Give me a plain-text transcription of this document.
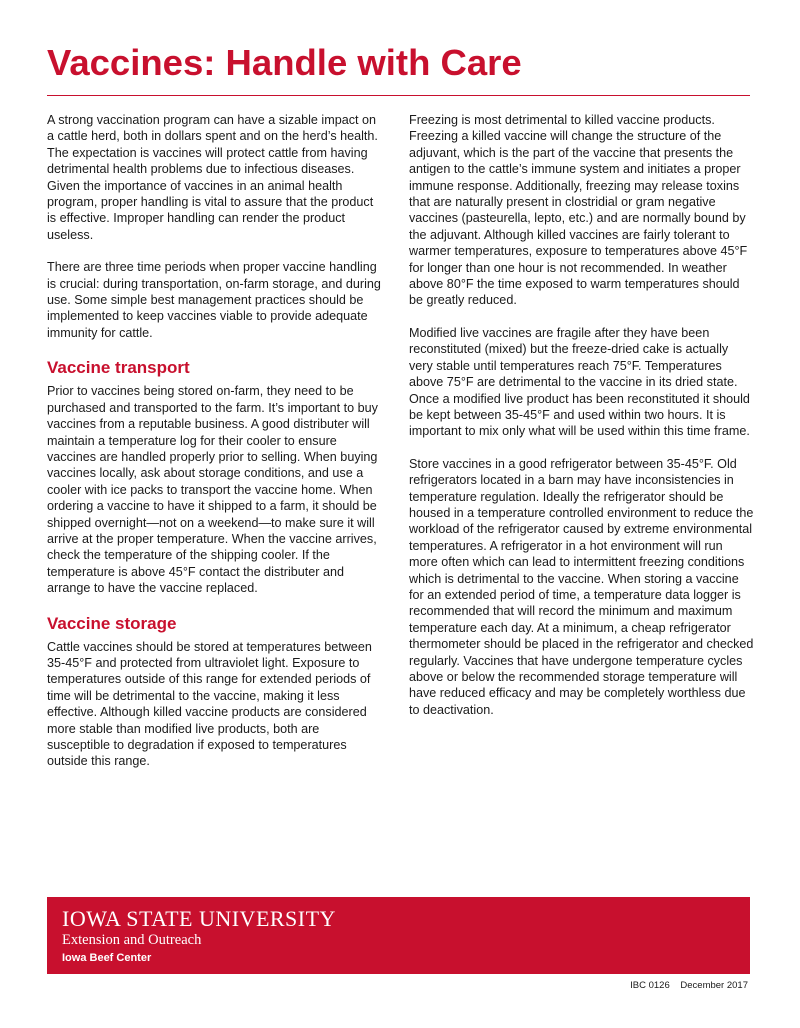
Vaccines: Handle with Care

A strong vaccination program can have a sizable impact on a cattle herd, both in dollars spent and on the herd’s health. The expectation is vaccines will protect cattle from having detrimental health problems due to infectious diseases. Given the importance of vaccines in an animal health program, proper handling is vital to assure that the product is effective. Improper handling can render the product useless.

There are three time periods when proper vaccine handling is crucial: during transportation, on-farm storage, and during use. Some simple best management practices should be implemented to keep vaccines viable to provide adequate immunity for cattle.

Vaccine transport

Prior to vaccines being stored on-farm, they need to be purchased and transported to the farm. It’s important to buy vaccines from a reputable business. A good distributer will maintain a temperature log for their cooler to ensure vaccines are handled properly prior to selling. When buying vaccines locally, ask about storage conditions, and use a cooler with ice packs to transport the vaccine home. When ordering a vaccine to have it shipped to a farm, it should be shipped overnight—not on a weekend—to make sure it will arrive at the proper temperature. When the vaccine arrives, check the temperature of the shipping cooler. If the temperature is above 45°F contact the distributer and arrange to have the vaccine replaced.

Vaccine storage

Cattle vaccines should be stored at temperatures between 35-45°F and protected from ultraviolet light. Exposure to temperatures outside of this range for extended periods of time will be detrimental to the vaccine, making it less effective. Although killed vaccine products are considered more stable than modified live products, both are susceptible to degradation if exposed to temperatures outside this range.

Freezing is most detrimental to killed vaccine products. Freezing a killed vaccine will change the structure of the adjuvant, which is the part of the vaccine that presents the antigen to the cattle’s immune system and initiates a proper immune response. Additionally, freezing may release toxins that are naturally present in clostridial or gram negative vaccines (pasteurella, lepto, etc.) and are normally bound by the adjuvant. Although killed vaccines are fairly tolerant to warmer temperatures, exposure to temperatures above 45°F for longer than one hour is not recommended. In weather above 80°F the time exposed to warm temperatures should be greatly reduced.

Modified live vaccines are fragile after they have been reconstituted (mixed) but the freeze-dried cake is actually very stable until temperatures reach 75°F. Temperatures above 75°F are detrimental to the vaccine in its dried state. Once a modified live product has been reconstituted it should be kept between 35-45°F and used within two hours. It is important to mix only what will be used within this time frame.

Store vaccines in a good refrigerator between 35-45°F. Old refrigerators located in a barn may have inconsistencies in temperature regulation. Ideally the refrigerator should be housed in a temperature controlled environment to reduce the workload of the refrigerator caused by extreme environmental temperatures. A refrigerator in a hot environment will run more often which can lead to intermittent freezing conditions which is detrimental to the vaccine. When storing a vaccine for an extended period of time, a temperature data logger is recommended that will record the minimum and maximum temperature each day. At a minimum, a cheap refrigerator thermometer should be placed in the refrigerator and checked regularly. Vaccines that have undergone temperature cycles above or below the recommended storage temperature will have reduced efficacy and may be completely worthless due to deactivation.

IOWA STATE UNIVERSITY
Extension and Outreach
Iowa Beef Center
IBC 0126 December 2017
